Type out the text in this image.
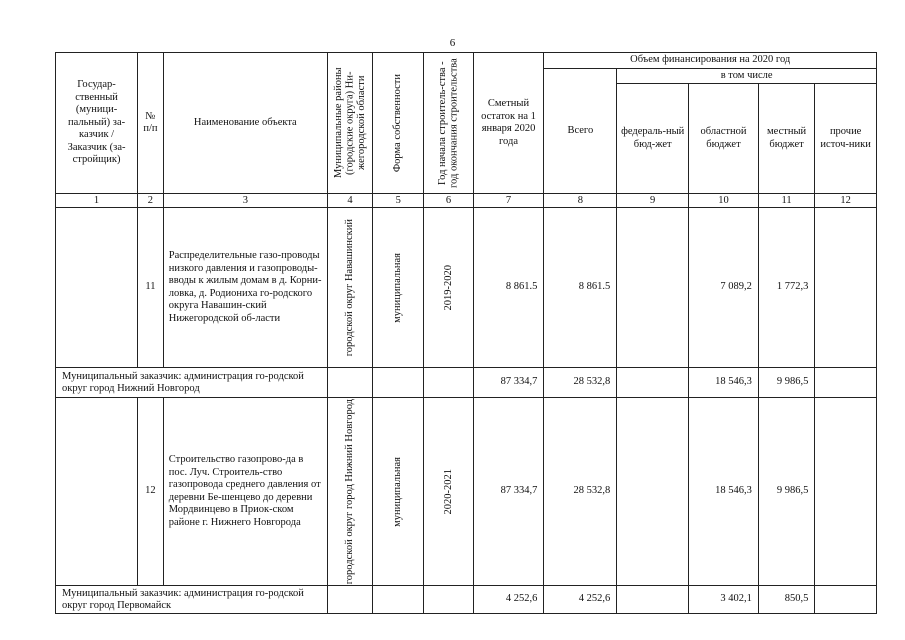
6
Государ-ственный (муници-пальный) за-казчик / Заказчик (за-стройщик)	№ п/п	Наименование объекта	Муниципальные районы (городские округа) Ни-жегородской области	Форма собственности	Год начала строитель-ства - год окончания строительства	Сметный остаток на 1 января 2020 года	Объем финансирования на 2020 год				
							Всего	в том числе			
								федераль-ный бюд-жет	областной бюджет	местный бюджет	прочие источ-ники
1	2	3	4	5	6	7	8	9	10	11	12
	11	Распределительные газо-проводы низкого давления и газопроводы-вводы к жилым домам в д. Корни-ловка, д. Родиониха го-родского округа Навашин-ский Нижегородской об-ласти	городской округ Навашинский	муниципальная	2019-2020	8 861.5	8 861.5		7 089,2	1 772,3	
Муниципальный заказчик: администрация го-родской округ город Нижний Новгород						87 334,7	28 532,8		18 546,3	9 986,5	
	12	Строительство газопрово-да в пос. Луч. Строитель-ство газопровода среднего давления от деревни Бе-шенцево до деревни Мордвинцево в Приок-ском районе г. Нижнего Новгорода	городской округ город Нижний Новгород	муниципальная	2020-2021	87 334,7	28 532,8		18 546,3	9 986,5	
Муниципальный заказчик: администрация го-родской округ город Первомайск						4 252,6	4 252,6		3 402,1	850,5	
